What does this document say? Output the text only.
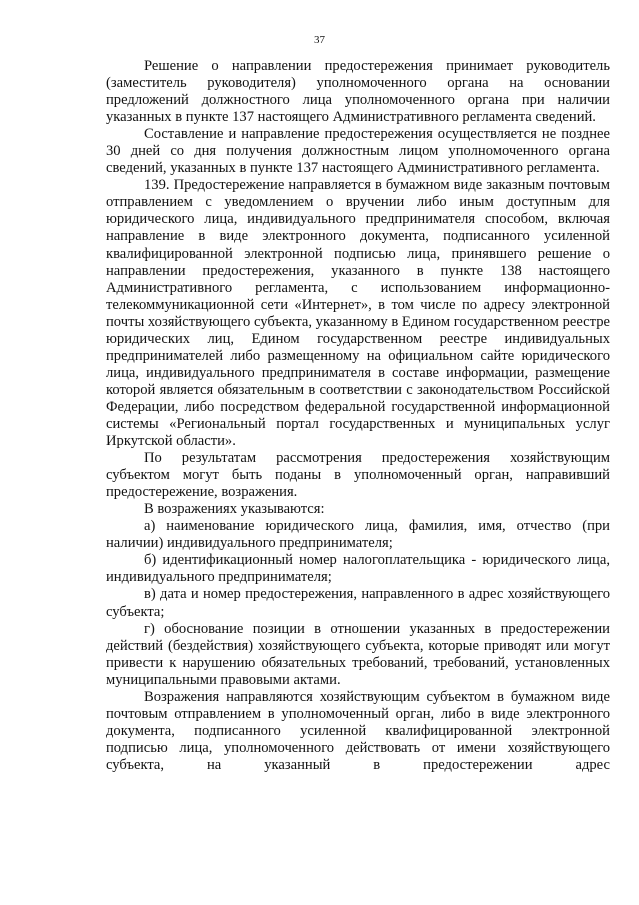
37

Решение о направлении предостережения принимает руководитель (заместитель руководителя) уполномоченного органа на основании предложений должностного лица уполномоченного органа при наличии указанных в пункте 137 настоящего Административного регламента сведений.

Составление и направление предостережения осуществляется не позднее 30 дней со дня получения должностным лицом уполномоченного органа сведений, указанных в пункте 137 настоящего Административного регламента.

139. Предостережение направляется в бумажном виде заказным почтовым отправлением с уведомлением о вручении либо иным доступным для юридического лица, индивидуального предпринимателя способом, включая направление в виде электронного документа, подписанного усиленной квалифицированной электронной подписью лица, принявшего решение о направлении предостережения, указанного в пункте 138 настоящего Административного регламента, с использованием информационно-телекоммуникационной сети «Интернет», в том числе по адресу электронной почты хозяйствующего субъекта, указанному в Едином государственном реестре юридических лиц, Едином государственном реестре индивидуальных предпринимателей либо размещенному на официальном сайте юридического лица, индивидуального предпринимателя в составе информации, размещение которой является обязательным в соответствии с законодательством Российской Федерации, либо посредством федеральной государственной информационной системы «Региональный портал государственных и муниципальных услуг Иркутской области».

По результатам рассмотрения предостережения хозяйствующим субъектом могут быть поданы в уполномоченный орган, направивший предостережение, возражения.

В возражениях указываются:

а) наименование юридического лица, фамилия, имя, отчество (при наличии) индивидуального предпринимателя;

б) идентификационный номер налогоплательщика - юридического лица, индивидуального предпринимателя;

в) дата и номер предостережения, направленного в адрес хозяйствующего субъекта;

г) обоснование позиции в отношении указанных в предостережении действий (бездействия) хозяйствующего субъекта, которые приводят или могут привести к нарушению обязательных требований, требований, установленных муниципальными правовыми актами.

Возражения направляются хозяйствующим субъектом в бумажном виде почтовым отправлением в уполномоченный орган, либо в виде электронного документа, подписанного усиленной квалифицированной электронной подписью лица, уполномоченного действовать от имени хозяйствующего субъекта, на указанный в предостережении адрес
